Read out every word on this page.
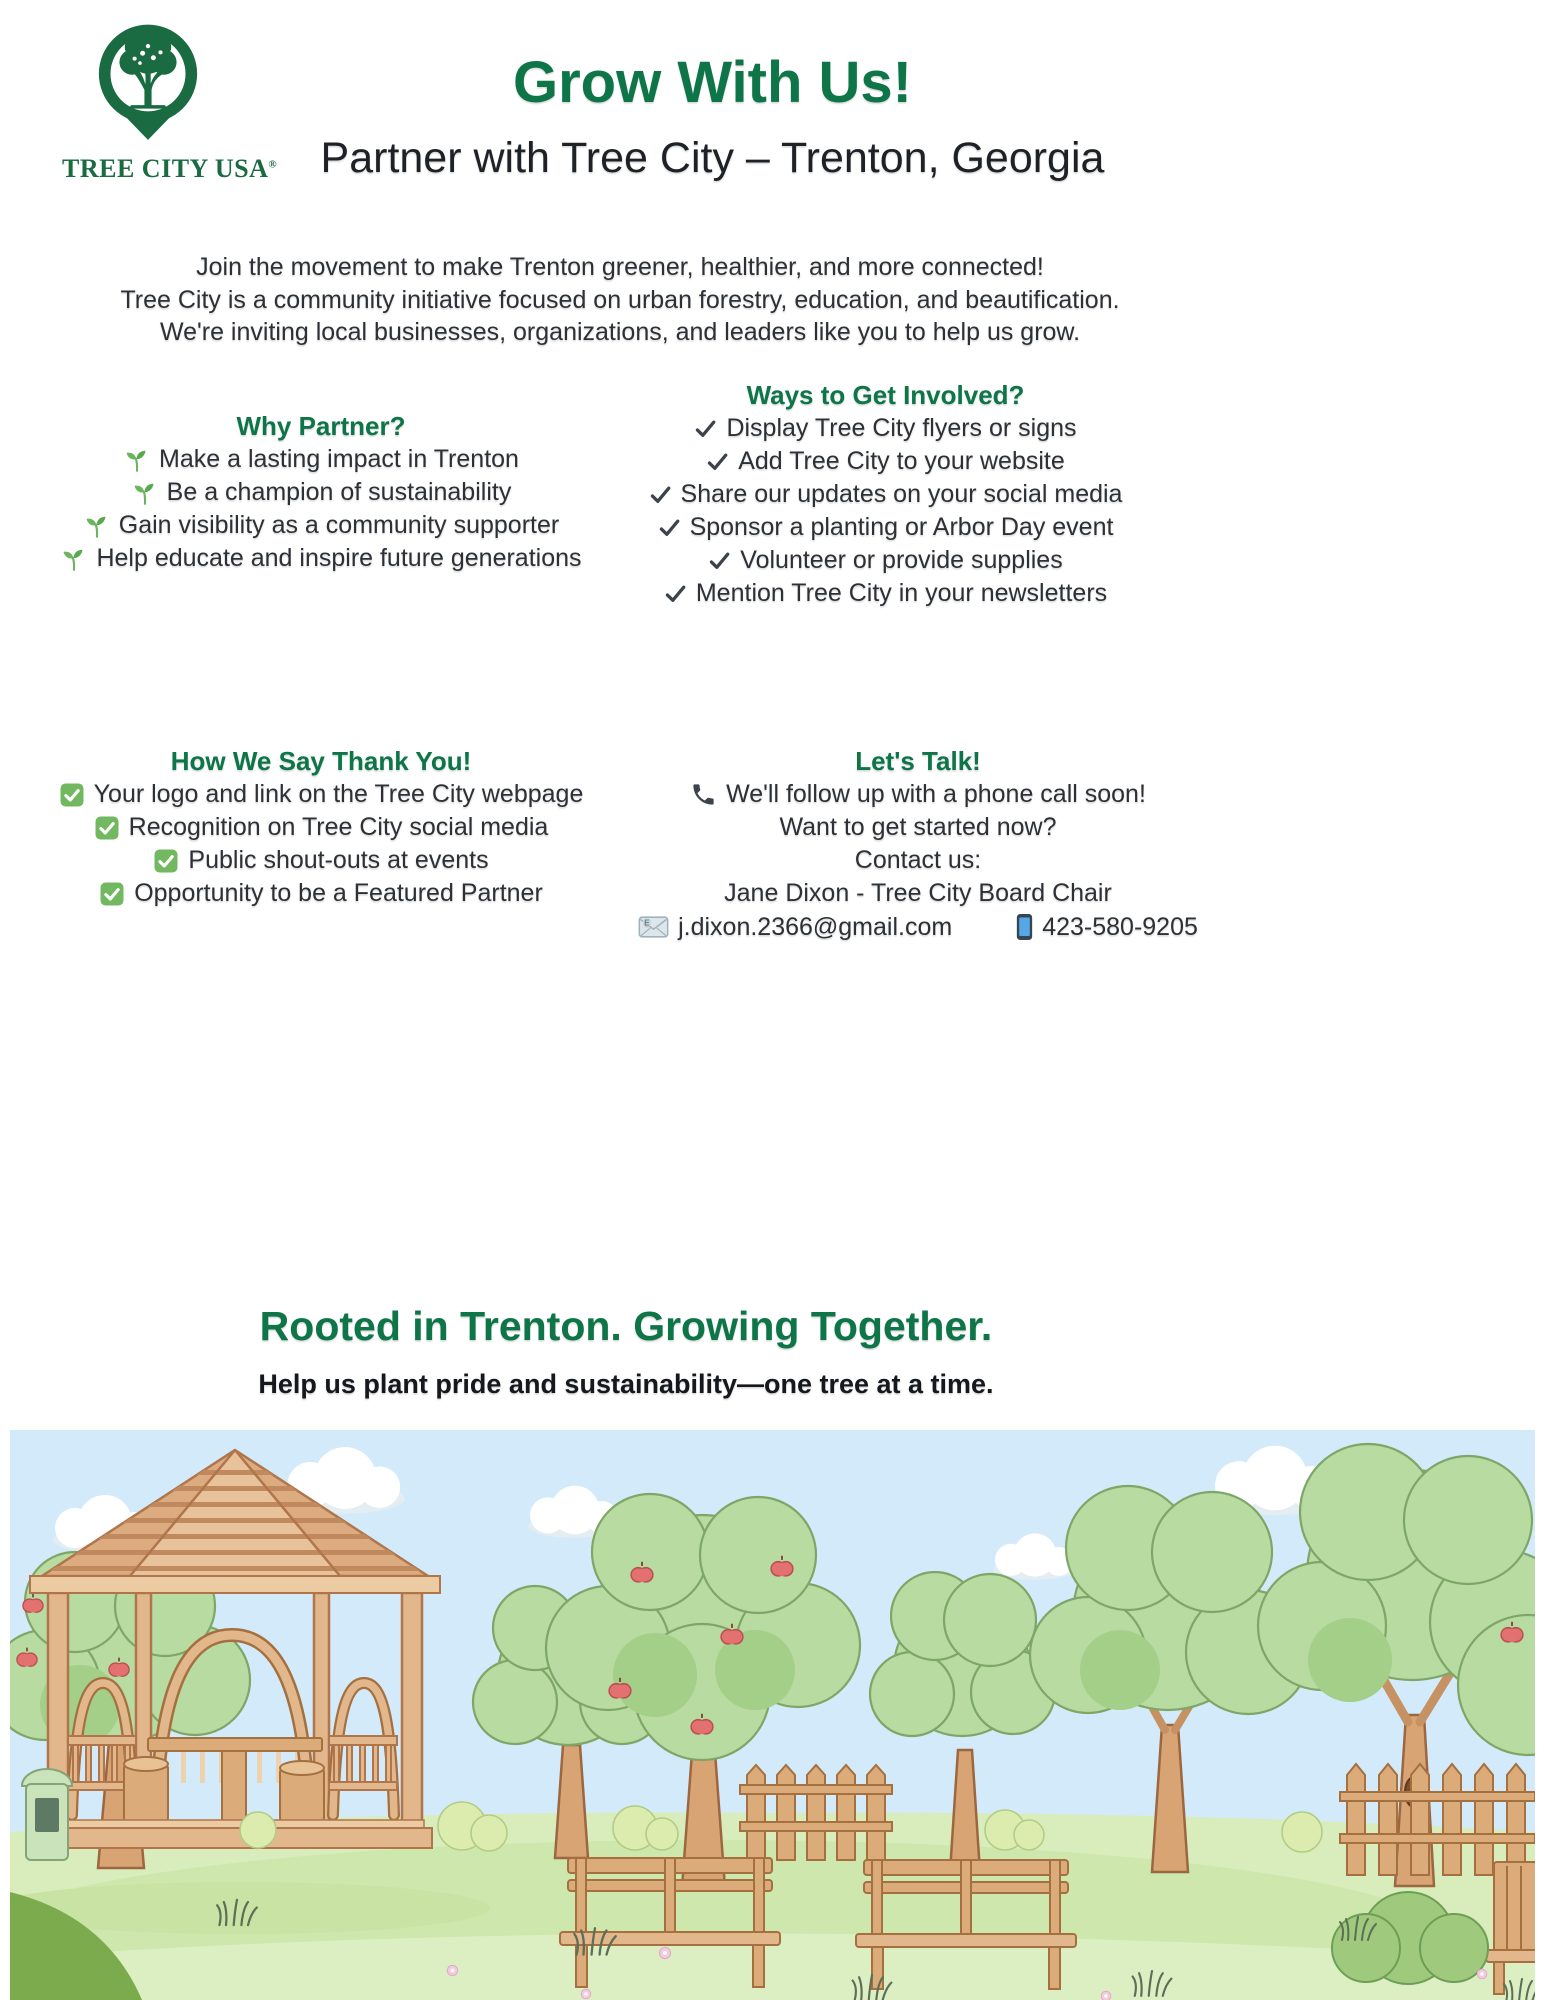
TREE CITY USA®
Grow With Us!
Partner with Tree City – Trenton, Georgia

Join the movement to make Trenton greener, healthier, and more connected!
Tree City is a community initiative focused on urban forestry, education, and beautification.
We're inviting local businesses, organizations, and leaders like you to help us grow.

Why Partner?
Make a lasting impact in Trenton
Be a champion of sustainability
Gain visibility as a community supporter
Help educate and inspire future generations
Ways to Get Involved?
Display Tree City flyers or signs
Add Tree City to your website
Share our updates on your social media
Sponsor a planting or Arbor Day event
Volunteer or provide supplies
Mention Tree City in your newsletters
How We Say Thank You!
Your logo and link on the Tree City webpage
Recognition on Tree City social media
Public shout-outs at events
Opportunity to be a Featured Partner
Let's Talk!
We'll follow up with a phone call soon!
Want to get started now?
Contact us:
Jane Dixon - Tree City Board Chair
j.dixon.2366@gmail.com	423-580-9205
Rooted in Trenton. Growing Together.
Help us plant pride and sustainability—one tree at a time.
